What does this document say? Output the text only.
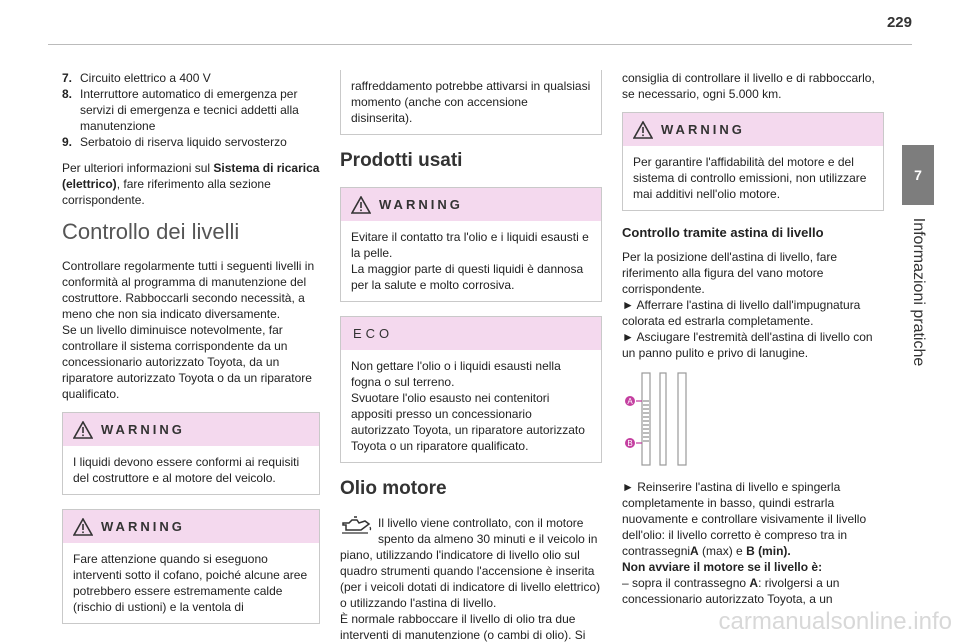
229
7
Informazioni pratiche
7. Circuito elettrico a 400 V
8. Interruttore automatico di emergenza per servizi di emergenza e tecnici addetti alla manutenzione
9. Serbatoio di riserva liquido servosterzo

Per ulteriori informazioni sul Sistema di ricarica (elettrico), fare riferimento alla sezione corrispondente.

Controllo dei livelli

Controllare regolarmente tutti i seguenti livelli in conformità al programma di manutenzione del costruttore. Rabboccarli secondo necessità, a meno che non sia indicato diversamente.
Se un livello diminuisce notevolmente, far controllare il sistema corrispondente da un concessionario autorizzato Toyota, da un riparatore autorizzato Toyota o da un riparatore qualificato.

WARNING

I liquidi devono essere conformi ai requisiti del costruttore e al motore del veicolo.

WARNING

Fare attenzione quando si eseguono interventi sotto il cofano, poiché alcune aree potrebbero essere estremamente calde (rischio di ustioni) e la ventola di

raffreddamento potrebbe attivarsi in qualsiasi momento (anche con accensione disinserita).

Prodotti usati
WARNING

Evitare il contatto tra l'olio e i liquidi esausti e la pelle.
La maggior parte di questi liquidi è dannosa per la salute e molto corrosiva.

ECO

Non gettare l'olio o i liquidi esausti nella fogna o sul terreno.
Svuotare l'olio esausto nei contenitori appositi presso un concessionario autorizzato Toyota, un riparatore autorizzato Toyota o un riparatore qualificato.

Olio motore

Il livello viene controllato, con il motore spento da almeno 30 minuti e il veicolo in piano, utilizzando l'indicatore di livello olio sul quadro strumenti quando l'accensione è inserita (per i veicoli dotati di indicatore di livello elettrico) o utilizzando l'astina di livello.
È normale rabboccare il livello di olio tra due interventi di manutenzione (o cambi di olio). Si

consiglia di controllare il livello e di rabboccarlo, se necessario, ogni 5.000 km.

WARNING

Per garantire l'affidabilità del motore e del sistema di controllo emissioni, non utilizzare mai additivi nell'olio motore.

Controllo tramite astina di livello

Per la posizione dell'astina di livello, fare riferimento alla figura del vano motore corrispondente.
► Afferrare l'astina di livello dall'impugnatura colorata ed estrarla completamente.
► Asciugare l'estremità dell'astina di livello con un panno pulito e privo di lanugine.

A
B

► Reinserire l'astina di livello e spingerla completamente in basso, quindi estrarla nuovamente e controllare visivamente il livello dell'olio: il livello corretto è compreso tra in contrassegniA (max) e B (min).
Non avviare il motore se il livello è:
– sopra il contrassegno A: rivolgersi a un concessionario autorizzato Toyota, a un

carmanualsonline.info
